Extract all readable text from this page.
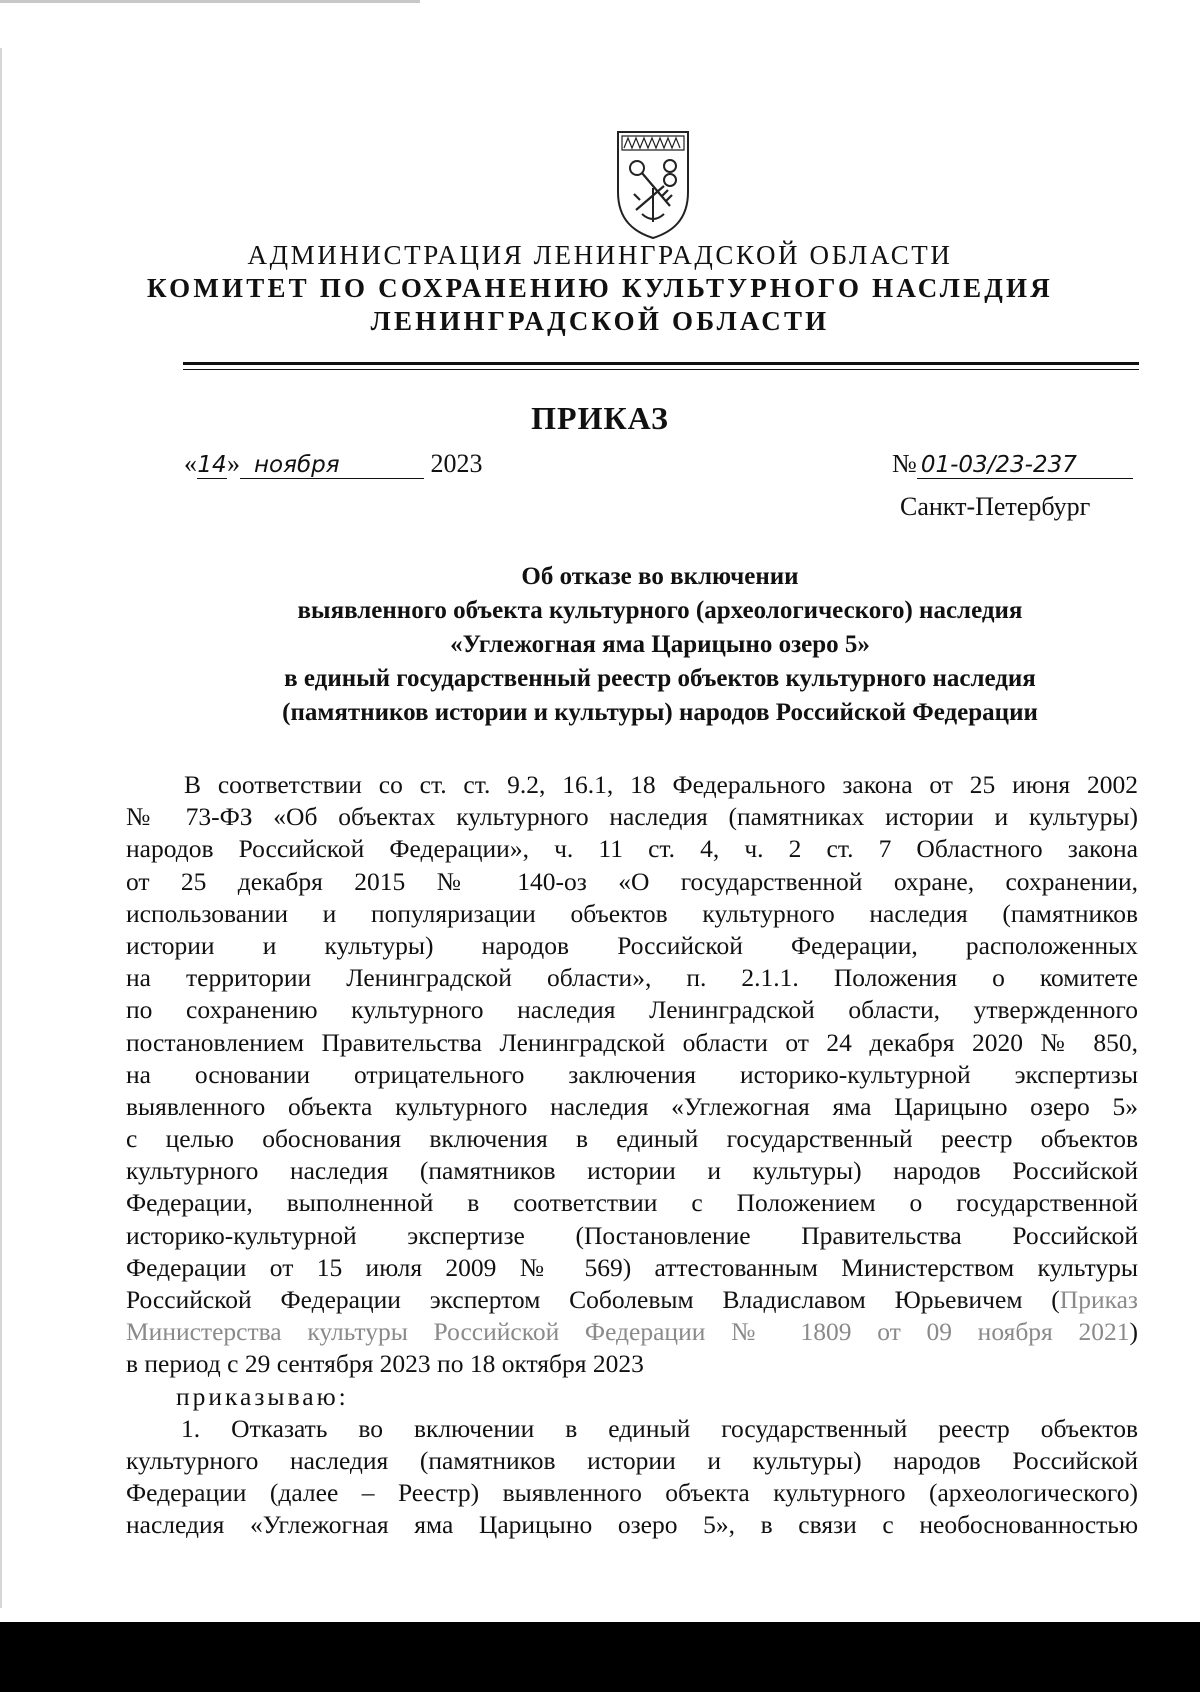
АДМИНИСТРАЦИЯ ЛЕНИНГРАДСКОЙ ОБЛАСТИ
КОМИТЕТ ПО СОХРАНЕНИЮ КУЛЬТУРНОГО НАСЛЕДИЯ
ЛЕНИНГРАДСКОЙ ОБЛАСТИ
ПРИКАЗ
«14» ноября	2023	№ 01-03/23-237
Санкт-Петербург
Об отказе во включении
выявленного объекта культурного (археологического) наследия
«Углежогная яма Царицыно озеро 5»
в единый государственный реестр объектов культурного наследия
(памятников истории и культуры) народов Российской Федерации
В соответствии со ст. ст. 9.2, 16.1, 18 Федерального закона от 25 июня 2002
№ 73-ФЗ «Об объектах культурного наследия (памятниках истории и культуры)
народов Российской Федерации», ч. 11 ст. 4, ч. 2 ст. 7 Областного закона
от 25 декабря 2015 № 140-оз «О государственной охране, сохранении,
использовании и популяризации объектов культурного наследия (памятников
истории и культуры) народов Российской Федерации, расположенных
на территории Ленинградской области», п. 2.1.1. Положения о комитете
по сохранению культурного наследия Ленинградской области, утвержденного
постановлением Правительства Ленинградской области от 24 декабря 2020 № 850,
на основании отрицательного заключения историко-культурной экспертизы
выявленного объекта культурного наследия «Углежогная яма Царицыно озеро 5»
с целью обоснования включения в единый государственный реестр объектов
культурного наследия (памятников истории и культуры) народов Российской
Федерации, выполненной в соответствии с Положением о государственной
историко-культурной экспертизе (Постановление Правительства Российской
Федерации от 15 июля 2009 № 569) аттестованным Министерством культуры
Российской Федерации экспертом Соболевым Владиславом Юрьевичем (Приказ
Министерства культуры Российской Федерации № 1809 от 09 ноября 2021)
в период с 29 сентября 2023 по 18 октября 2023
приказываю:
1. Отказать во включении в единый государственный реестр объектов
культурного наследия (памятников истории и культуры) народов Российской
Федерации (далее – Реестр) выявленного объекта культурного (археологического)
наследия «Углежогная яма Царицыно озеро 5», в связи с необоснованностью
